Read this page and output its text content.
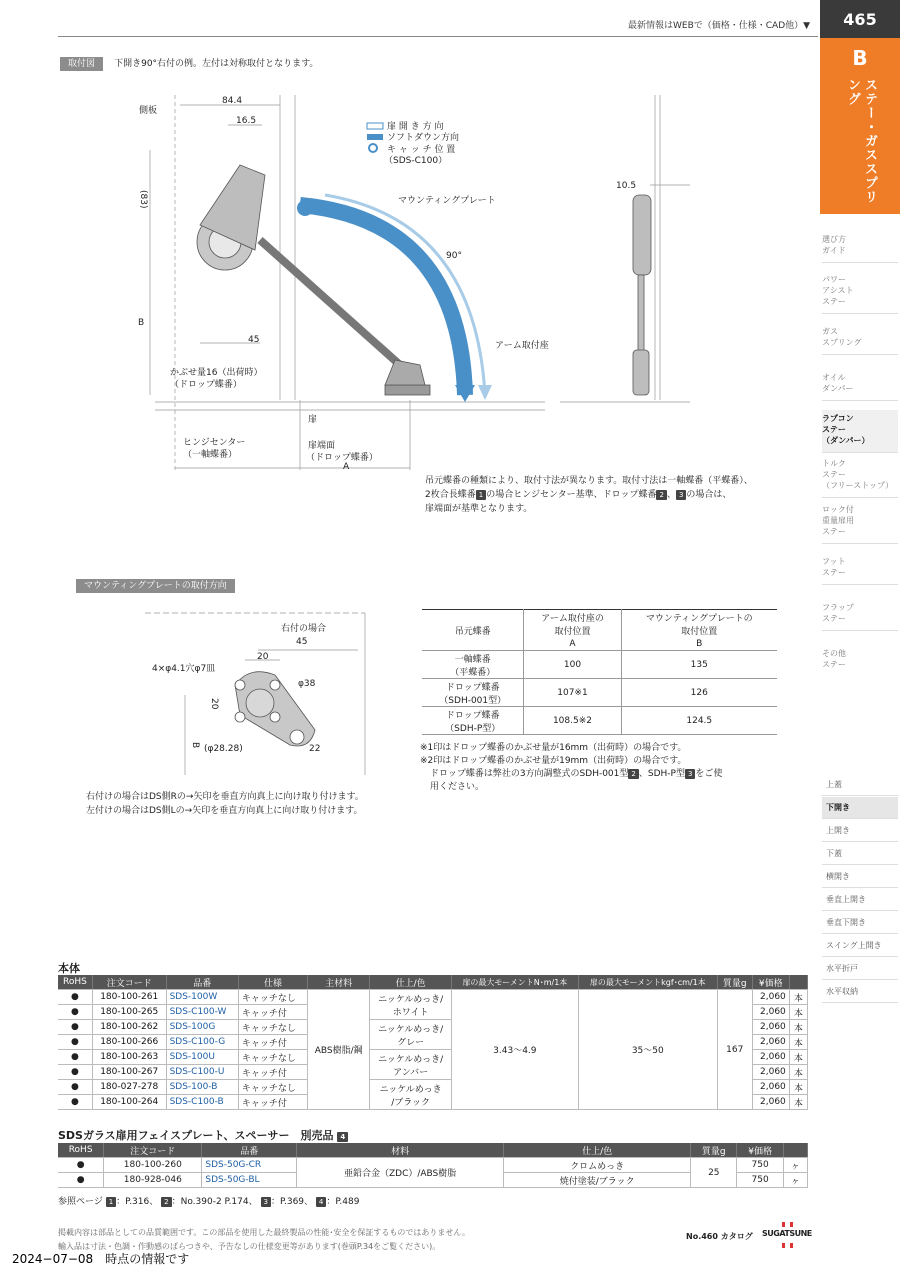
最新情報はWEBで（価格・仕様・CAD他）▼	465
B
ステー・ガススプリング
選び方
ガイド
パワー
アシスト
ステー
ガス
スプリング
オイル
ダンパー
ラプコン
ステー
（ダンパー）
トルク
ステー
（フリーストップ）
ロック付
重量扉用
ステー
フット
ステー
フラップ
ステー
その他
ステー
上蓋
下開き
上開き
下蓋
横開き
垂直上開き
垂直下開き
スイング上開き
水平折戸
水平収納
取付図 下開き90°右付の例。左付は対称取付となります。
側板
84.4
16.5
(83)
B
45
かぶせ量16（出荷時）
（ドロップ蝶番）
ヒンジセンター
（一軸蝶番）
扉
扉端面
（ドロップ蝶番）
A
マウンティングプレート
90°
アーム取付座
10.5
扉 開 き 方 向
ソフトダウン方向
キ ャ ッ チ 位 置
（SDS-C100）
吊元蝶番の種類により、取付寸法が異なります。取付寸法は一軸蝶番（平蝶番）、
2枚合長蝶番 1 の場合ヒンジセンター基準、ドロップ蝶番 2 、 3 の場合は、
扉端面が基準となります。
マウンティングプレートの取付方向
右付の場合
45
20
4×φ4.1穴φ7皿
φ38
20
B (φ28.28)	22
右付けの場合はDS側Rの→矢印を垂直方向真上に向け取り付けます。
左付けの場合はDS側Lの→矢印を垂直方向真上に向け取り付けます。
吊元蝶番	アーム取付座の
取付位置	マウンティングプレートの
取付位置
	A	B
一軸蝶番
（平蝶番）	100	135
ドロップ蝶番
（SDH-001型）	107※1	126
ドロップ蝶番
（SDH-P型）	108.5※2	124.5
※1印はドロップ蝶番のかぶせ量が16mm（出荷時）の場合です。
※2印はドロップ蝶番のかぶせ量が19mm（出荷時）の場合です。
ドロップ蝶番は弊社の3方向調整式のSDH-001型 2 、SDH-P型 3 をご使
用ください。
本体
RoHS	注文コード	品番	仕様	主材料	仕上/色	扉の最大モーメントN･m/1本	扉の最大モーメントkgf･cm/1本	質量g	¥価格	
●	180-100-261	SDS-100W	キャッチなし	ABS樹脂/鋼	ニッケルめっき/
ホワイト	3.43～4.9	35～50	167	2,060	本
●	180-100-265	SDS-C100-W	キャッチ付						2,060	本
●	180-100-262	SDS-100G	キャッチなし		ニッケルめっき/
グレー				2,060	本
●	180-100-266	SDS-C100-G	キャッチ付						2,060	本
●	180-100-263	SDS-100U	キャッチなし		ニッケルめっき/
アンバー				2,060	本
●	180-100-267	SDS-C100-U	キャッチ付						2,060	本
●	180-027-278	SDS-100-B	キャッチなし		ニッケルめっき
/ブラック				2,060	本
●	180-100-264	SDS-C100-B	キャッチ付						2,060	本
SDSガラス扉用フェイスプレート、スペーサー　別売品 4
RoHS	注文コード	品番	材料	仕上/色	質量g	¥価格	
●	180-100-260	SDS-50G-CR	亜鉛合金（ZDC）/ABS樹脂	クロムめっき	25	750	ヶ
●	180-928-046	SDS-50G-BL		焼付塗装/ブラック		750	ヶ
参照ページ 1 ：P.316、 2 ：No.390-2 P.174、 3 ：P.369、 4 ：P.489
掲載内容は部品としての品質範囲です。この部品を使用した最終製品の性能･安全を保証するものではありません。
輸入品は寸法・色調・作動感のばらつきや、予告なしの仕様変更等があります(巻頭P.34をご覧ください)。
No.460 カタログ SUGATSUNE
2024−07−08　時点の情報です
